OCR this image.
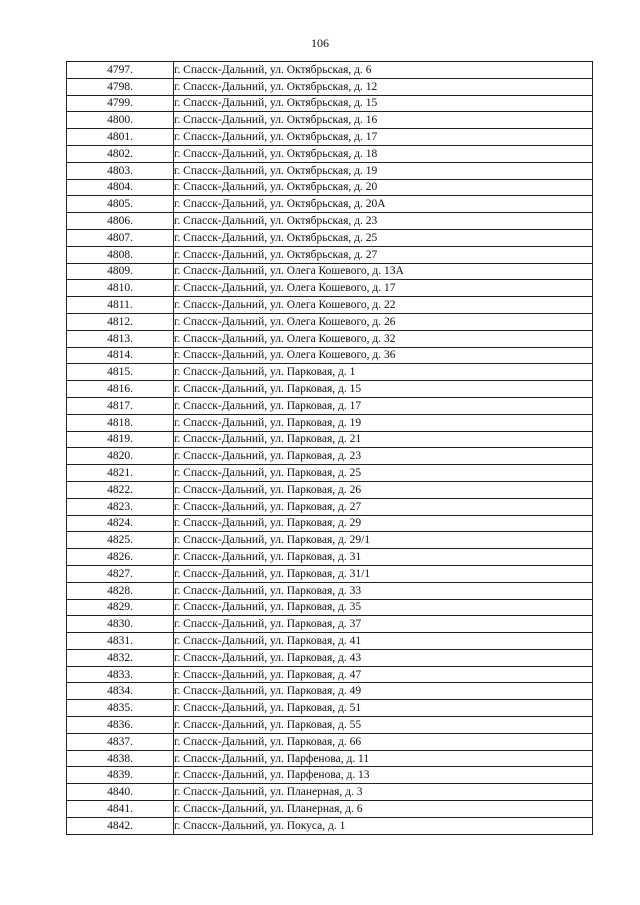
106
4797.	г. Спасск-Дальний, ул. Октябрьская, д. 6
4798.	г. Спасск-Дальний, ул. Октябрьская, д. 12
4799.	г. Спасск-Дальний, ул. Октябрьская, д. 15
4800.	г. Спасск-Дальний, ул. Октябрьская, д. 16
4801.	г. Спасск-Дальний, ул. Октябрьская, д. 17
4802.	г. Спасск-Дальний, ул. Октябрьская, д. 18
4803.	г. Спасск-Дальний, ул. Октябрьская, д. 19
4804.	г. Спасск-Дальний, ул. Октябрьская, д. 20
4805.	г. Спасск-Дальний, ул. Октябрьская, д. 20А
4806.	г. Спасск-Дальний, ул. Октябрьская, д. 23
4807.	г. Спасск-Дальний, ул. Октябрьская, д. 25
4808.	г. Спасск-Дальний, ул. Октябрьская, д. 27
4809.	г. Спасск-Дальний, ул. Олега Кошевого, д. 13А
4810.	г. Спасск-Дальний, ул. Олега Кошевого, д. 17
4811.	г. Спасск-Дальний, ул. Олега Кошевого, д. 22
4812.	г. Спасск-Дальний, ул. Олега Кошевого, д. 26
4813.	г. Спасск-Дальний, ул. Олега Кошевого, д. 32
4814.	г. Спасск-Дальний, ул. Олега Кошевого, д. 36
4815.	г. Спасск-Дальний, ул. Парковая, д. 1
4816.	г. Спасск-Дальний, ул. Парковая, д. 15
4817.	г. Спасск-Дальний, ул. Парковая, д. 17
4818.	г. Спасск-Дальний, ул. Парковая, д. 19
4819.	г. Спасск-Дальний, ул. Парковая, д. 21
4820.	г. Спасск-Дальний, ул. Парковая, д. 23
4821.	г. Спасск-Дальний, ул. Парковая, д. 25
4822.	г. Спасск-Дальний, ул. Парковая, д. 26
4823.	г. Спасск-Дальний, ул. Парковая, д. 27
4824.	г. Спасск-Дальний, ул. Парковая, д. 29
4825.	г. Спасск-Дальний, ул. Парковая, д. 29/1
4826.	г. Спасск-Дальний, ул. Парковая, д. 31
4827.	г. Спасск-Дальний, ул. Парковая, д. 31/1
4828.	г. Спасск-Дальний, ул. Парковая, д. 33
4829.	г. Спасск-Дальний, ул. Парковая, д. 35
4830.	г. Спасск-Дальний, ул. Парковая, д. 37
4831.	г. Спасск-Дальний, ул. Парковая, д. 41
4832.	г. Спасск-Дальний, ул. Парковая, д. 43
4833.	г. Спасск-Дальний, ул. Парковая, д. 47
4834.	г. Спасск-Дальний, ул. Парковая, д. 49
4835.	г. Спасск-Дальний, ул. Парковая, д. 51
4836.	г. Спасск-Дальний, ул. Парковая, д. 55
4837.	г. Спасск-Дальний, ул. Парковая, д. 66
4838.	г. Спасск-Дальний, ул. Парфенова, д. 11
4839.	г. Спасск-Дальний, ул. Парфенова, д. 13
4840.	г. Спасск-Дальний, ул. Планерная, д. 3
4841.	г. Спасск-Дальний, ул. Планерная, д. 6
4842.	г. Спасск-Дальний, ул. Покуса, д. 1
